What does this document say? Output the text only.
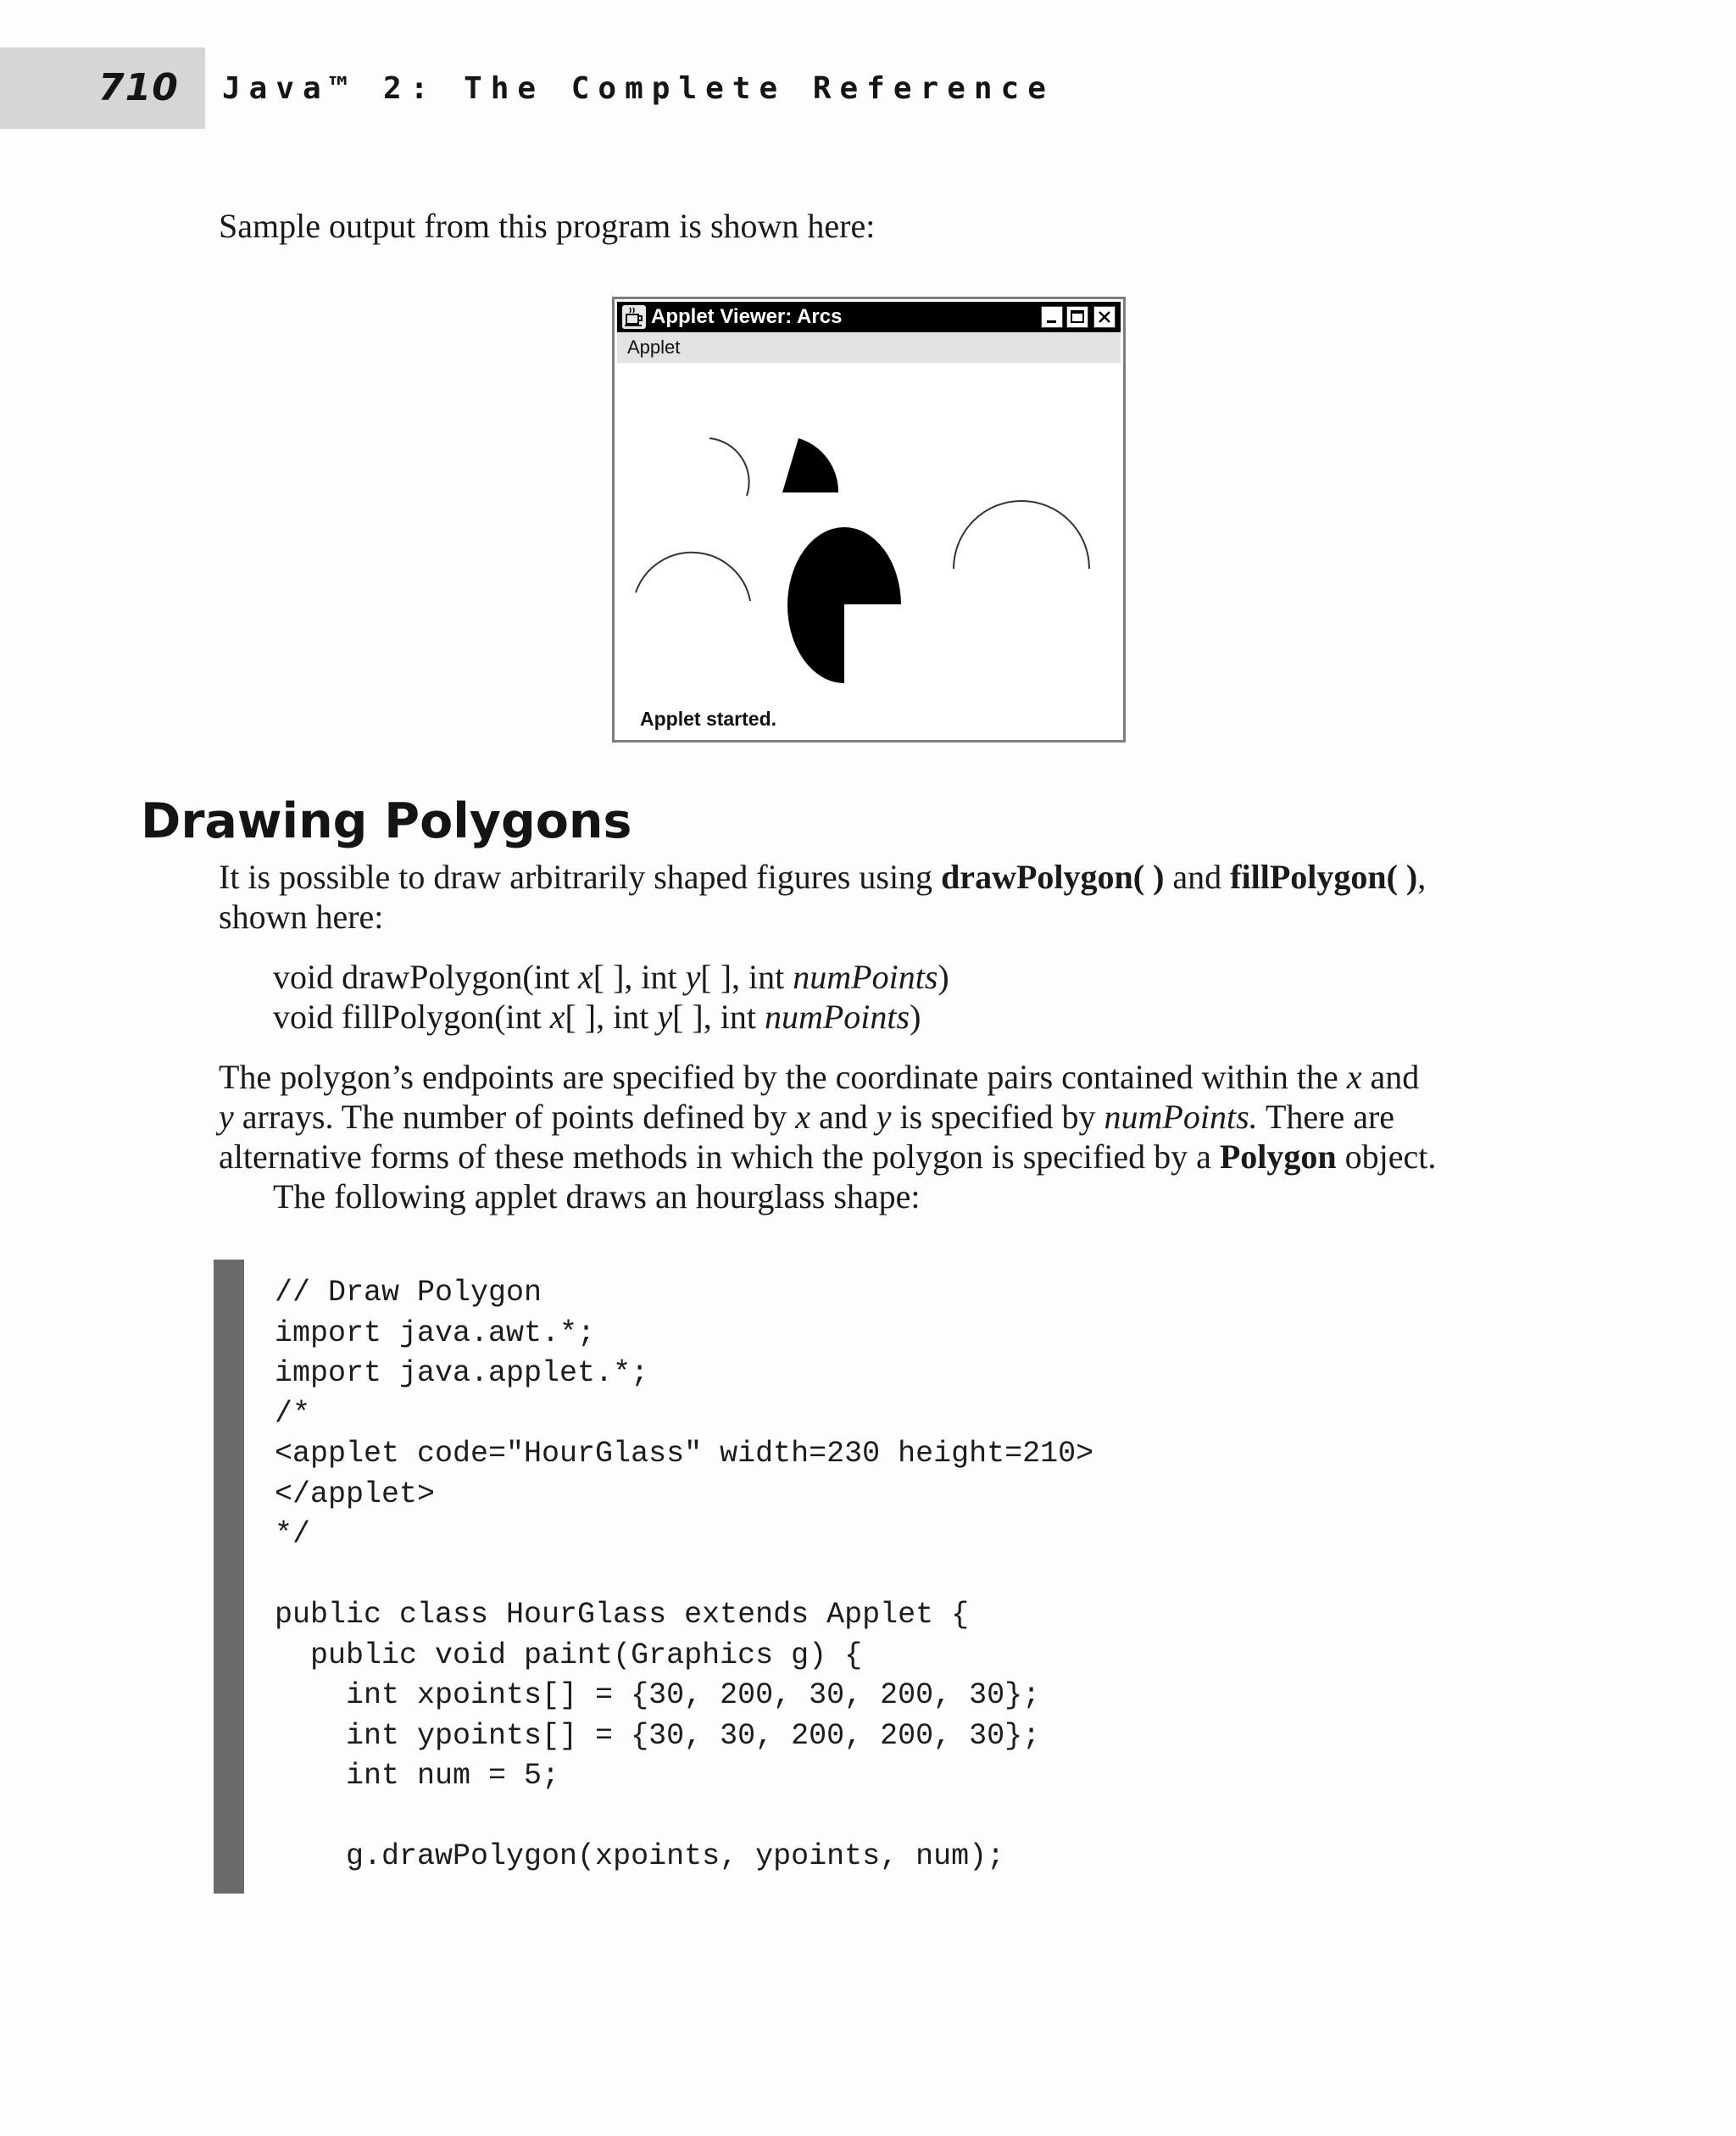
710 Java™ 2: The Complete Reference
Sample output from this program is shown here:
Applet Viewer: Arcs
Applet
Applet started.
Drawing Polygons
It is possible to draw arbitrarily shaped figures using drawPolygon( ) and fillPolygon( ),
shown here:
void drawPolygon(int x[ ], int y[ ], int numPoints)
void fillPolygon(int x[ ], int y[ ], int numPoints)
The polygon’s endpoints are specified by the coordinate pairs contained within the x and
y arrays. The number of points defined by x and y is specified by numPoints. There are
alternative forms of these methods in which the polygon is specified by a Polygon object.
The following applet draws an hourglass shape:
// Draw Polygon
import java.awt.*;
import java.applet.*;
/*
<applet code="HourGlass" width=230 height=210>
</applet>
*/
public class HourGlass extends Applet {
public void paint(Graphics g) {
int xpoints[] = {30, 200, 30, 200, 30};
int ypoints[] = {30, 30, 200, 200, 30};
int num = 5;
g.drawPolygon(xpoints, ypoints, num);
